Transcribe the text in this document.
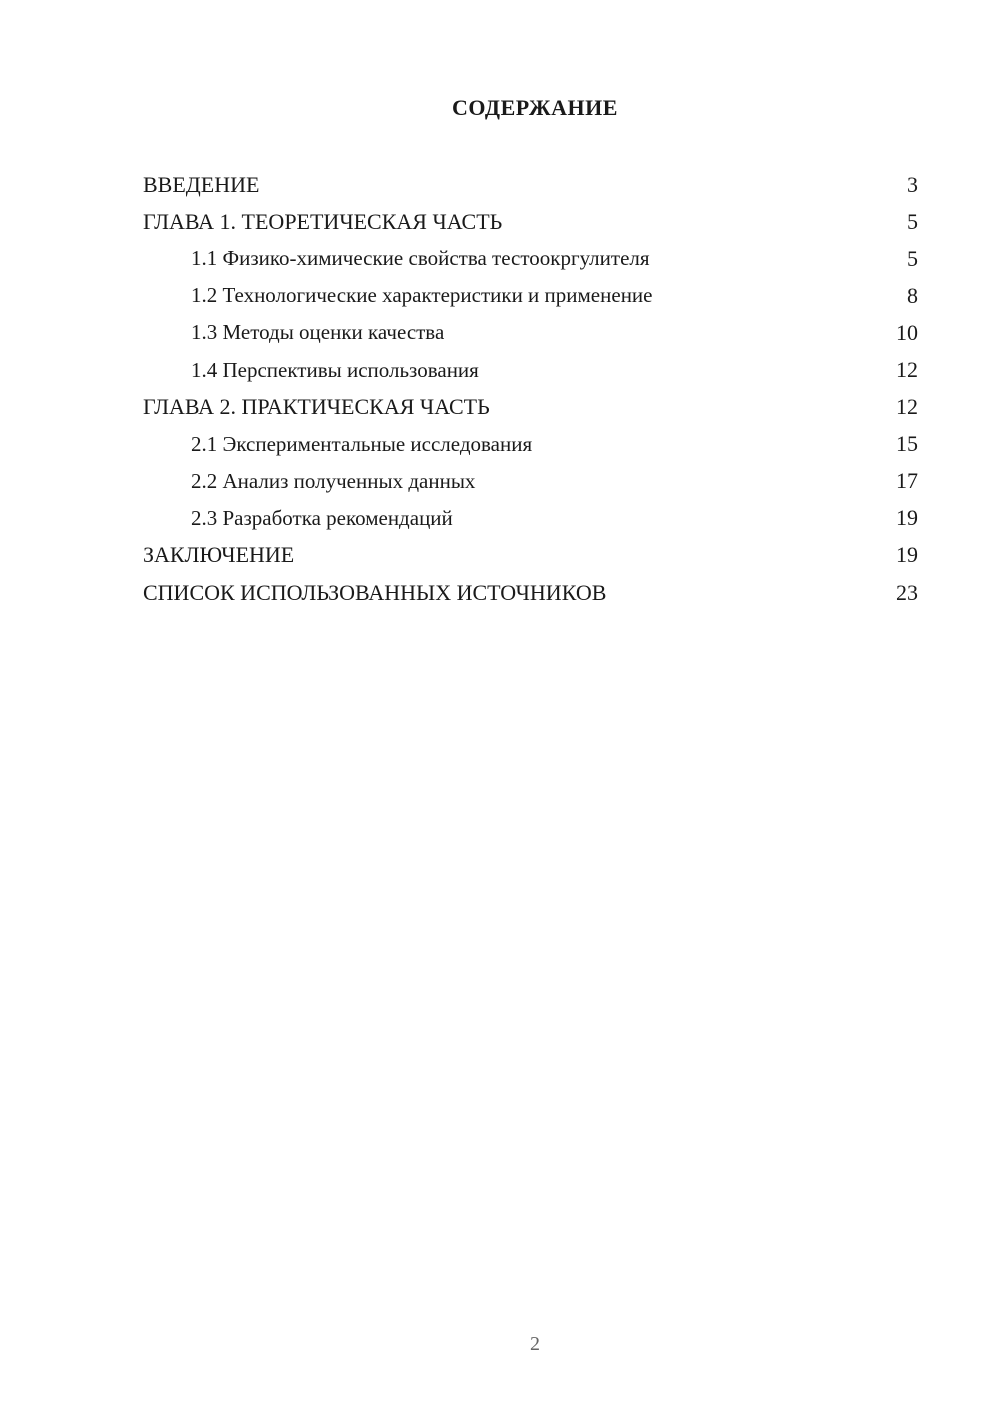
СОДЕРЖАНИЕ
ВВЕДЕНИЕ	3
ГЛАВА 1. ТЕОРЕТИЧЕСКАЯ ЧАСТЬ	5
1.1 Физико-химические свойства тестоокргулителя	5
1.2 Технологические характеристики и применение	8
1.3 Методы оценки качества	10
1.4 Перспективы использования	12
ГЛАВА 2. ПРАКТИЧЕСКАЯ ЧАСТЬ	12
2.1 Экспериментальные исследования	15
2.2 Анализ полученных данных	17
2.3 Разработка рекомендаций	19
ЗАКЛЮЧЕНИЕ	19
СПИСОК ИСПОЛЬЗОВАННЫХ ИСТОЧНИКОВ	23
2
